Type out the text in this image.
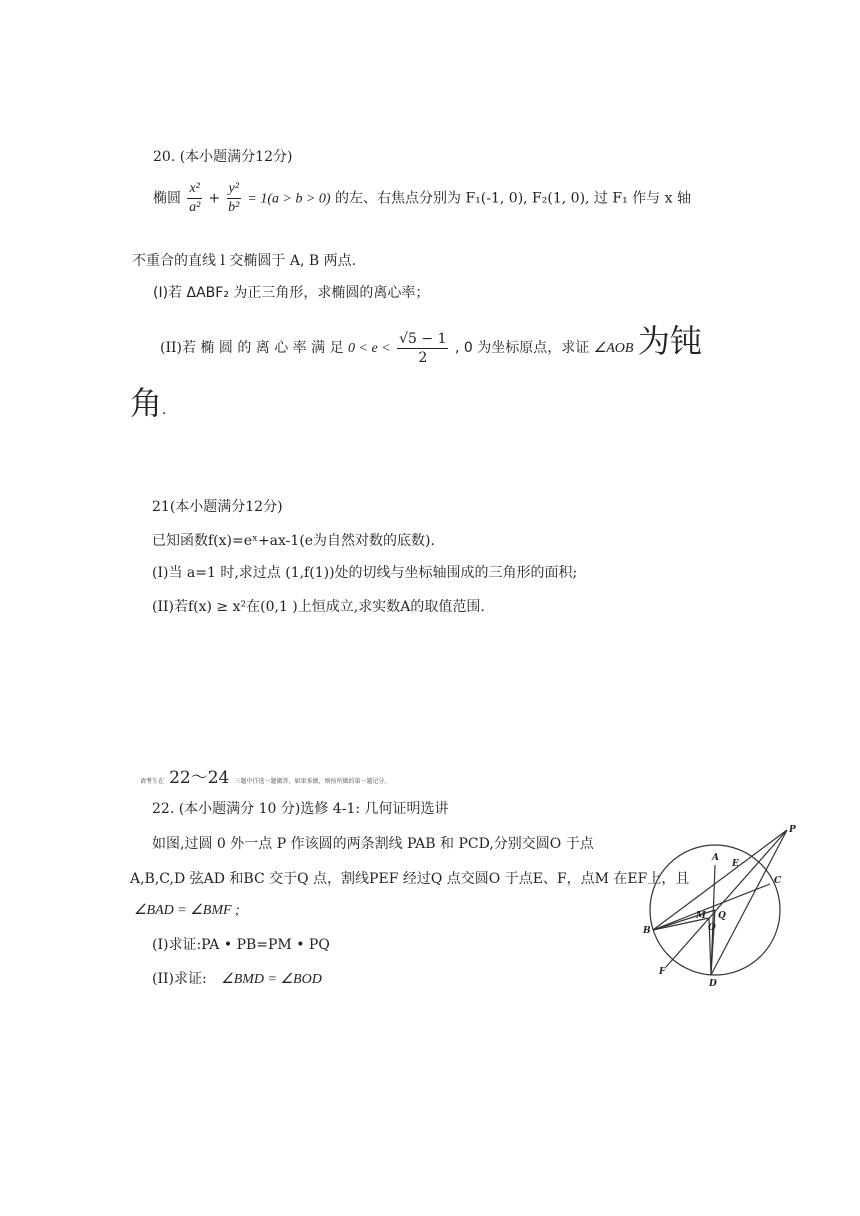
20. (本小题满分12分)
椭圆 $\frac{\text{x²}}{\text{a²}} + \frac{\text{y²}}{\text{b²}} = 1(a > b > 0)$ 的左、右焦点分别为 F₁(-1, 0), F₂(1, 0), 过 F₁ 作与 x 轴
不重合的直线 l 交椭圆于 A, B 两点.
(I)若 ΔABF₂ 为正三角形，求椭圆的离心率；
(II)若 椭 圆 的 离 心 率 满 足 $0 < e < \frac{√5 - 1}{2}$ , 0 为坐标原点，求证 ∠AOB 为钝
角.
21(本小题满分12分)
已知函数f(x)=eˣ+ax-1(e为自然对数的底数).
(I)当 a=1 时,求过点 (1,f(1))处的切线与坐标轴围成的三角形的面积;
(II)若f(x) ≥ x²在(0,1 )上恒成立,求实数A的取值范围.
请考生在 22～24 三题中任选一题做答，如果多做，则按所做的第一题记分。
22. (本小题满分 10 分)选修 4-1: 几何证明选讲
如图,过圆 0 外一点 P 作该圆的两条割线 PAB 和 PCD,分别交圆O 于点
A,B,C,D 弦AD 和BC 交于Q 点，割线PEF 经过Q 点交圆O 于点E、F，点M 在EF上，且
∠BAD = ∠BMF ;
(I)求证:PA • PB=PM • PQ
(II)求证: ∠BMD = ∠BOD
P
A
E
C
B
M
O
Q
F
D
